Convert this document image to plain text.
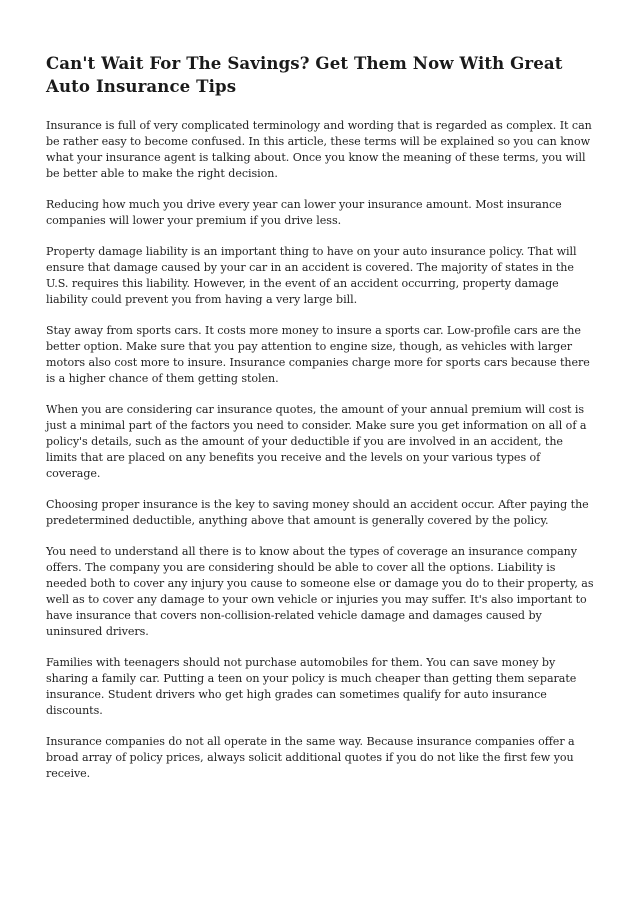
Can't Wait For The Savings? Get Them Now With Great Auto Insurance Tips

Insurance is full of very complicated terminology and wording that is regarded as complex. It can be rather easy to become confused. In this article, these terms will be explained so you can know what your insurance agent is talking about. Once you know the meaning of these terms, you will be better able to make the right decision.

Reducing how much you drive every year can lower your insurance amount. Most insurance companies will lower your premium if you drive less.

Property damage liability is an important thing to have on your auto insurance policy. That will ensure that damage caused by your car in an accident is covered. The majority of states in the U.S. requires this liability. However, in the event of an accident occurring, property damage liability could prevent you from having a very large bill.

Stay away from sports cars. It costs more money to insure a sports car. Low-profile cars are the better option. Make sure that you pay attention to engine size, though, as vehicles with larger motors also cost more to insure. Insurance companies charge more for sports cars because there is a higher chance of them getting stolen.

When you are considering car insurance quotes, the amount of your annual premium will cost is just a minimal part of the factors you need to consider. Make sure you get information on all of a policy's details, such as the amount of your deductible if you are involved in an accident, the limits that are placed on any benefits you receive and the levels on your various types of coverage.

Choosing proper insurance is the key to saving money should an accident occur. After paying the predetermined deductible, anything above that amount is generally covered by the policy.

You need to understand all there is to know about the types of coverage an insurance company offers. The company you are considering should be able to cover all the options. Liability is needed both to cover any injury you cause to someone else or damage you do to their property, as well as to cover any damage to your own vehicle or injuries you may suffer. It's also important to have insurance that covers non-collision-related vehicle damage and damages caused by uninsured drivers.

Families with teenagers should not purchase automobiles for them. You can save money by sharing a family car. Putting a teen on your policy is much cheaper than getting them separate insurance. Student drivers who get high grades can sometimes qualify for auto insurance discounts.

Insurance companies do not all operate in the same way. Because insurance companies offer a broad array of policy prices, always solicit additional quotes if you do not like the first few you receive.
